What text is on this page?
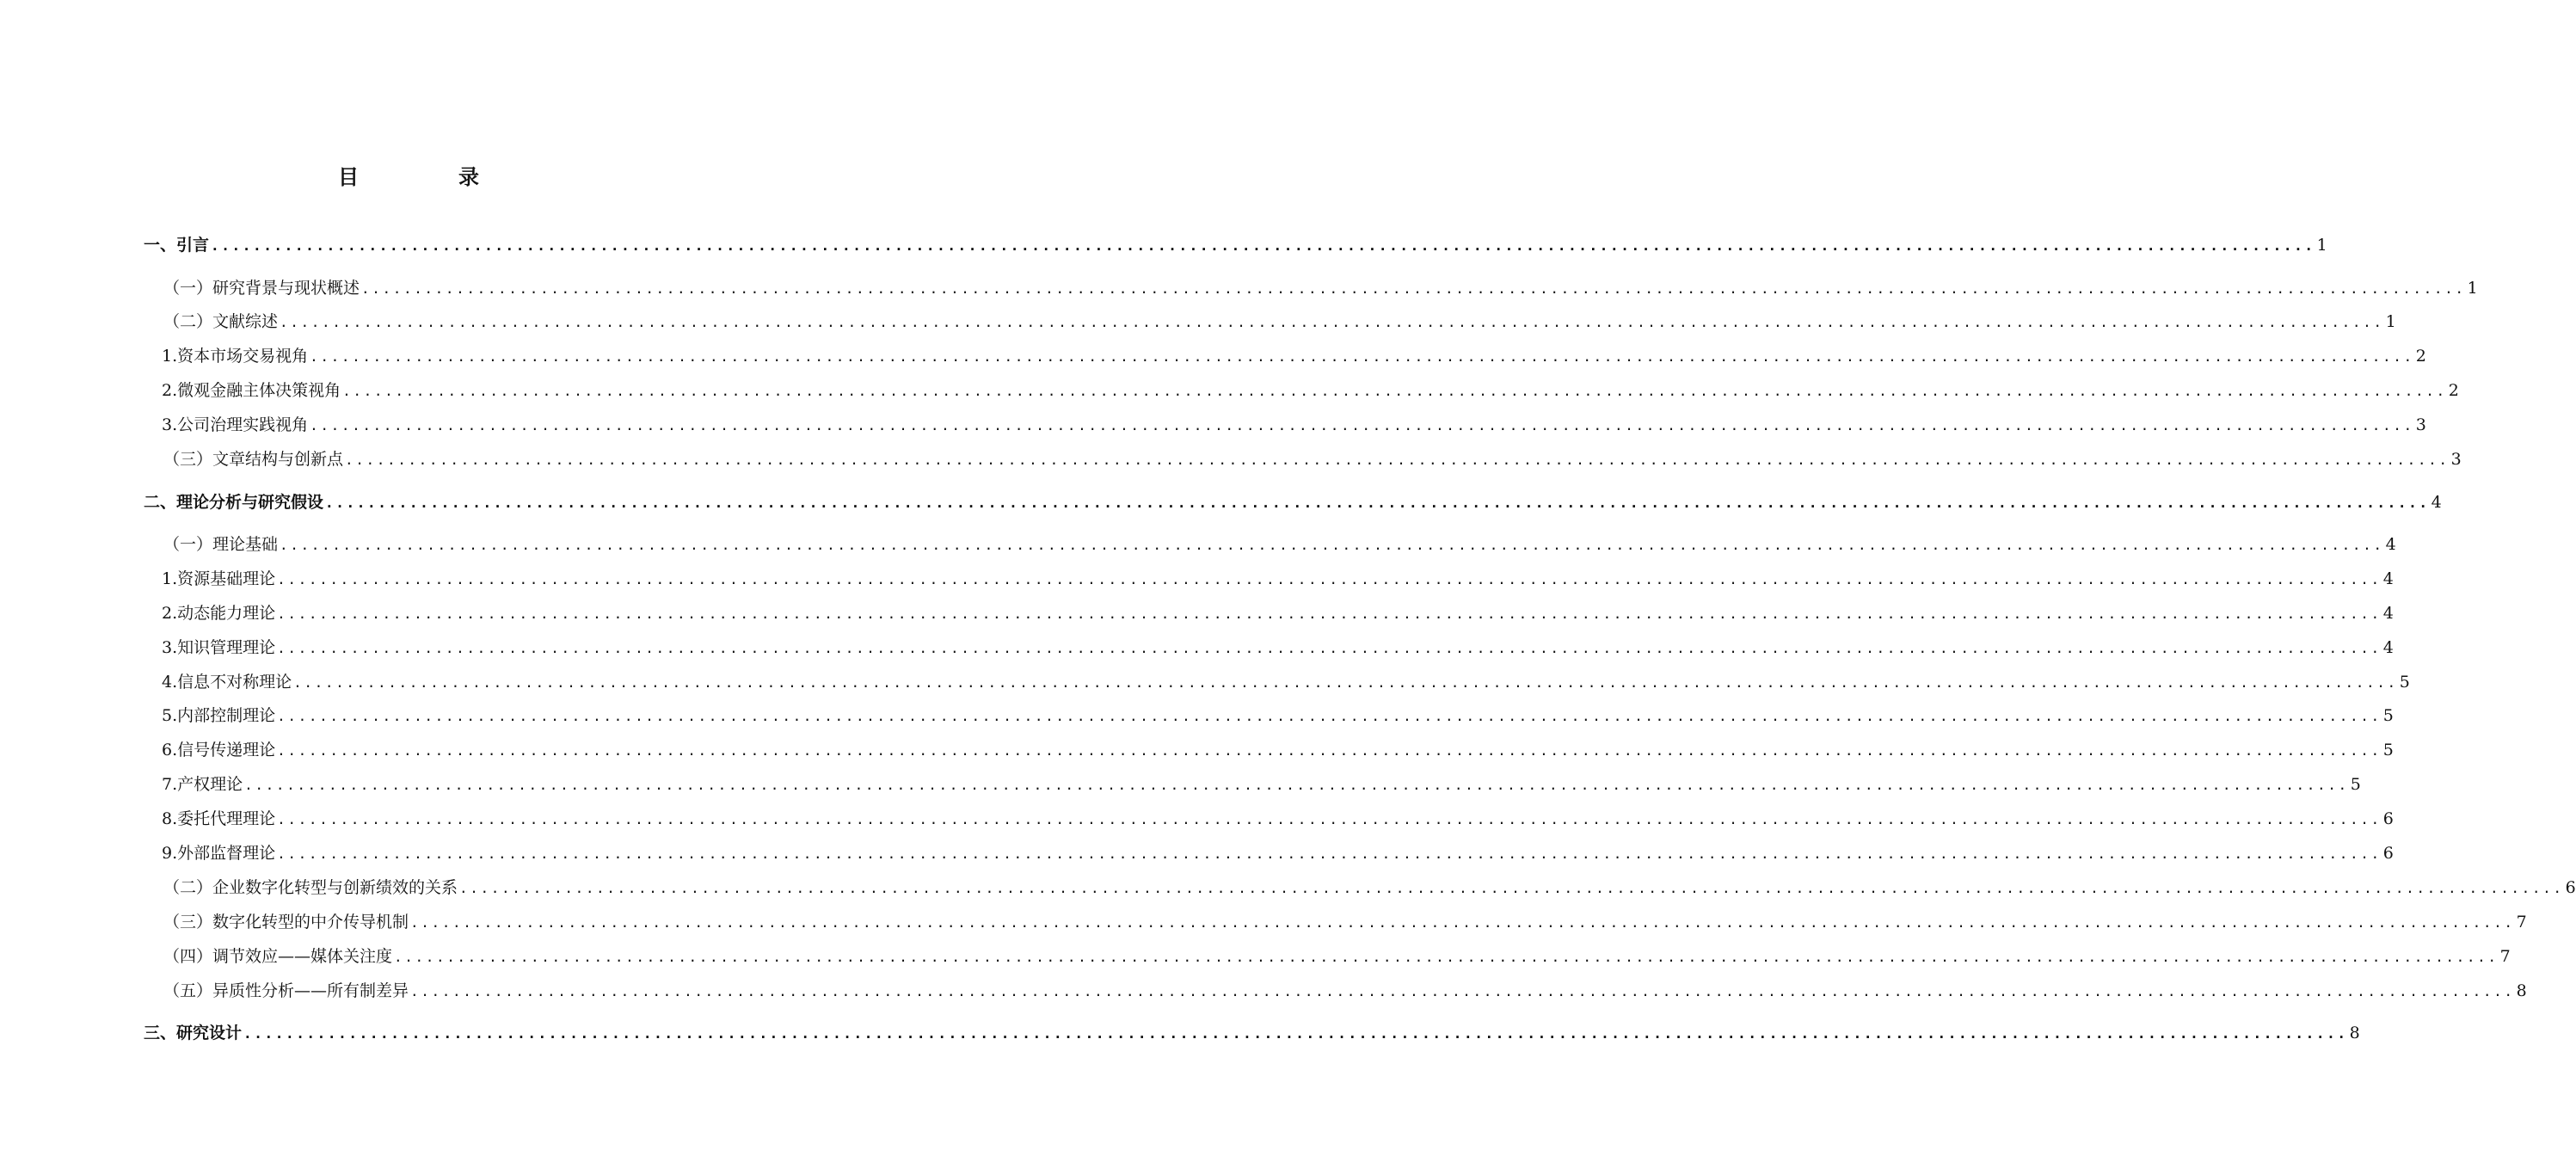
目　录
一、 引言 ........................................................................................................................................................................................................ 1
（一） 研究背景与现状概述 ........................................................................................................................................................................................................ 1
（二） 文献综述 ........................................................................................................................................................................................................ 1
1. 资本市场交易视角 ........................................................................................................................................................................................................ 2
2. 微观金融主体决策视角 ........................................................................................................................................................................................................ 2
3. 公司治理实践视角 ........................................................................................................................................................................................................ 3
（三） 文章结构与创新点 ........................................................................................................................................................................................................ 3
二、 理论分析与研究假设 ........................................................................................................................................................................................................ 4
（一） 理论基础 ........................................................................................................................................................................................................ 4
1. 资源基础理论 ........................................................................................................................................................................................................ 4
2. 动态能力理论 ........................................................................................................................................................................................................ 4
3. 知识管理理论 ........................................................................................................................................................................................................ 4
4. 信息不对称理论 ........................................................................................................................................................................................................ 5
5. 内部控制理论 ........................................................................................................................................................................................................ 5
6. 信号传递理论 ........................................................................................................................................................................................................ 5
7. 产权理论 ........................................................................................................................................................................................................ 5
8. 委托代理理论 ........................................................................................................................................................................................................ 6
9. 外部监督理论 ........................................................................................................................................................................................................ 6
（二） 企业数字化转型与创新绩效的关系 ........................................................................................................................................................................................................ 6
（三） 数字化转型的中介传导机制 ........................................................................................................................................................................................................ 7
（四） 调节效应——媒体关注度 ........................................................................................................................................................................................................ 7
（五） 异质性分析——所有制差异 ........................................................................................................................................................................................................ 8
三、 研究设计 ........................................................................................................................................................................................................ 8
